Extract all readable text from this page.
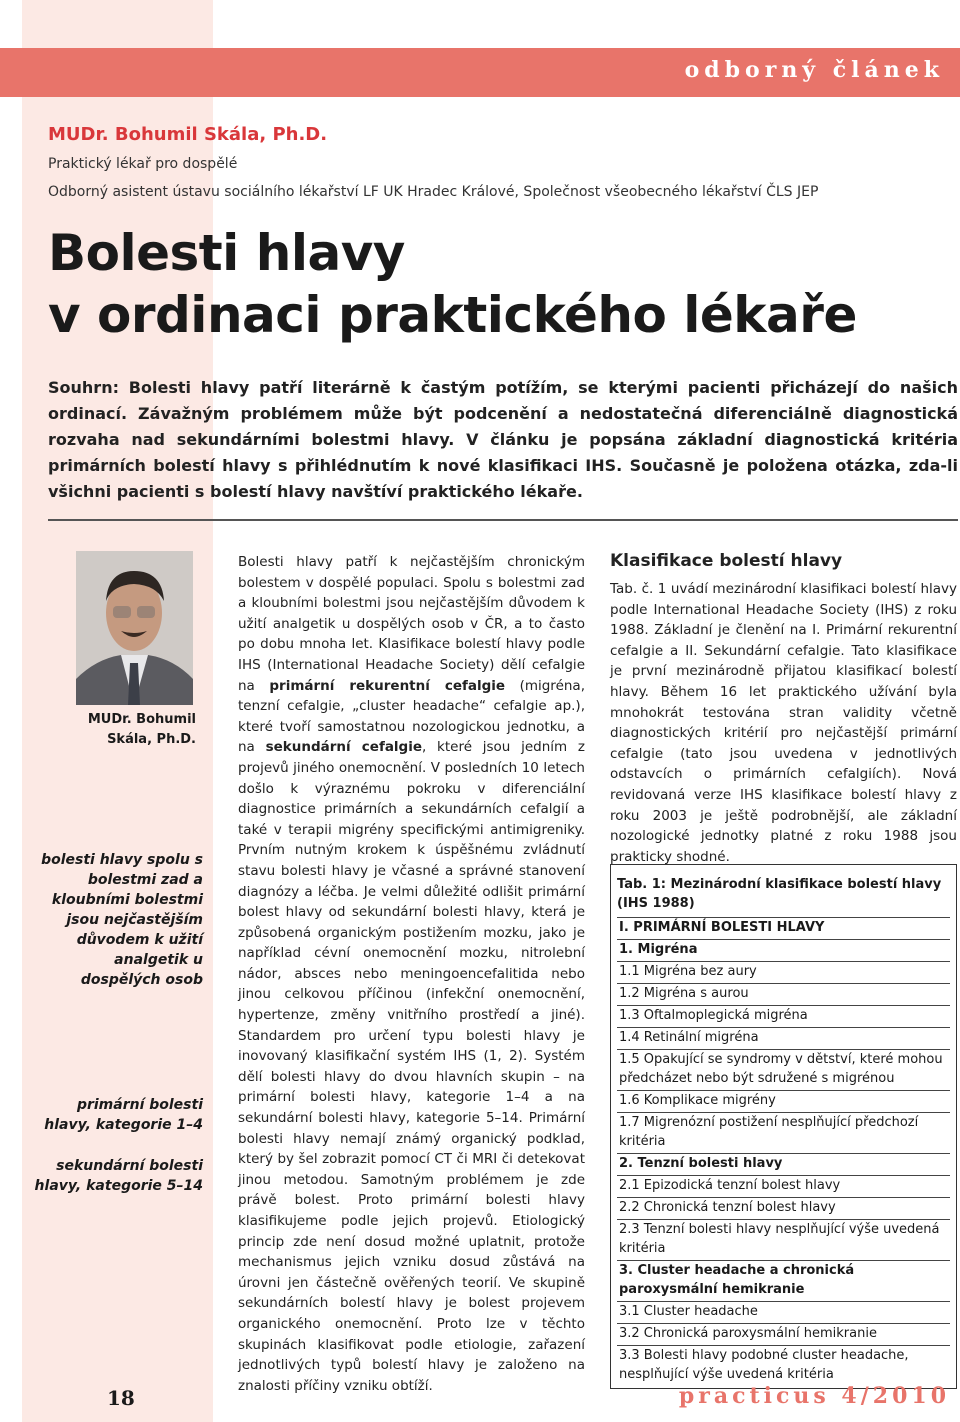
odborný článek
MUDr. Bohumil Skála, Ph.D.
Praktický lékař pro dospělé
Odborný asistent ústavu sociálního lékařství LF UK Hradec Králové, Společnost všeobecného lékařství ČLS JEP
Bolesti hlavy
v ordinaci praktického lékaře
Souhrn: Bolesti hlavy patří literárně k častým potížím, se kterými pacienti přicházejí do našich ordinací. Závažným problémem může být podcenění a nedostatečná diferenciálně diagnostická rozvaha nad sekundárními bolestmi hlavy. V článku je popsána základní diagnostická kritéria primárních bolestí hlavy s přihlédnutím k nové klasifikaci IHS. Současně je položena otázka, zda-li všichni pacienti s bolestí hlavy navštíví praktického lékaře.
MUDr. Bohumil
Skála, Ph.D.
bolesti hlavy spolu s bolestmi zad a kloubními bolestmi jsou nejčastějším důvodem k užití analgetik u dospělých osob
primární bolesti hlavy, kategorie 1–4
sekundární bolesti hlavy, kategorie 5–14
18

Bolesti hlavy patří k nejčastějším chronickým bolestem v dospělé populaci. Spolu s bolestmi zad a kloubními bolestmi jsou nejčastějším důvodem k užití analgetik u dospělých osob v ČR, a to často po dobu mnoha let. Klasifikace bolestí hlavy podle IHS (International Headache Society) dělí cefalgie na primární rekurentní cefalgie (migréna, tenzní cefalgie, „cluster headache“ cefalgie ap.), které tvoří samostatnou nozologickou jednotku, a na sekundární cefalgie, které jsou jedním z projevů jiného onemocnění. V posledních 10 letech došlo k výraznému pokroku v diferenciální diagnostice primárních a sekundárních cefalgií a také v terapii migrény specifickými antimigreniky. Prvním nutným krokem k úspěšnému zvládnutí stavu bolesti hlavy je včasné a správné stanovení diagnózy a léčba. Je velmi důležité odlišit primární bolest hlavy od sekundární bolesti hlavy, která je způsobená organickým postižením mozku, jako je například cévní onemocnění mozku, nitrolební nádor, absces nebo meningoencefalitida nebo jinou celkovou příčinou (infekční onemocnění, hypertenze, změny vnitřního prostředí a jiné). Standardem pro určení typu bolesti hlavy je inovovaný klasifikační systém IHS (1, 2). Systém dělí bolesti hlavy do dvou hlavních skupin – na primární bolesti hlavy, kategorie 1–4 a na sekundární bolesti hlavy, kategorie 5–14. Primární bolesti hlavy nemají známý organický podklad, který by šel zobrazit pomocí CT či MRI či detekovat jinou metodou. Samotným problémem je zde právě bolest. Proto primární bolesti hlavy klasifikujeme podle jejich projevů. Etiologický princip zde není dosud možné uplatnit, protože mechanismus jejich vzniku dosud zůstává na úrovni jen částečně ověřených teorií. Ve skupině sekundárních bolestí hlavy je bolest projevem organického onemocnění. Proto lze v těchto skupinách klasifikovat podle etiologie, zařazení jednotlivých typů bolestí hlavy je založeno na znalosti příčiny vzniku obtíží.

Klasifikace bolestí hlavy

Tab. č. 1 uvádí mezinárodní klasifikaci bolestí hlavy podle International Headache Society (IHS) z roku 1988. Základní je členění na I. Primární rekurentní cefalgie a II. Sekundární cefalgie. Tato klasifikace je první mezinárodně přijatou klasifikací bolestí hlavy. Během 16 let praktického užívání byla mnohokrát testována stran validity včetně diagnostických kritérií pro nejčastější primární cefalgie (tato jsou uvedena v jednotlivých odstavcích o primárních cefalgiích). Nová revidovaná verze IHS klasifikace bolestí hlavy z roku 2003 je ještě podrobnější, ale základní nozologické jednotky platné z roku 1988 jsou prakticky shodné.

Tab. 1: Mezinárodní klasifikace bolestí hlavy (IHS 1988)
I. PRIMÁRNÍ BOLESTI HLAVY
1. Migréna
1.1 Migréna bez aury
1.2 Migréna s aurou
1.3 Oftalmoplegická migréna
1.4 Retinální migréna
1.5 Opakující se syndromy v dětství, které mohou předcházet nebo být sdružené s migrénou
1.6 Komplikace migrény
1.7 Migrenózní postižení nesplňující předchozí kritéria
2. Tenzní bolesti hlavy
2.1 Epizodická tenzní bolest hlavy
2.2 Chronická tenzní bolest hlavy
2.3 Tenzní bolesti hlavy nesplňující výše uvedená kritéria
3. Cluster headache a chronická paroxysmální hemikranie
3.1 Cluster headache
3.2 Chronická paroxysmální hemikranie
3.3 Bolesti hlavy podobné cluster headache, nesplňující výše uvedená kritéria
practicus 4/2010
